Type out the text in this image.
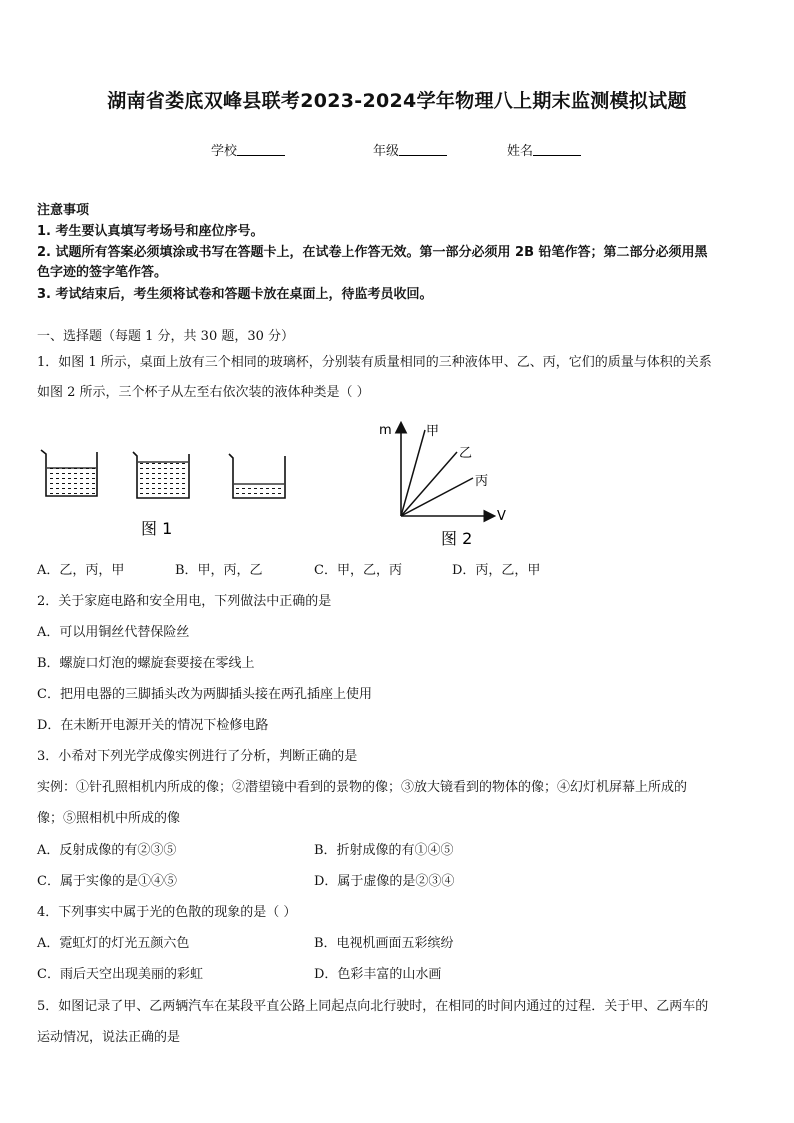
湖南省娄底双峰县联考2023-2024学年物理八上期末监测模拟试题
学校	年级	姓名
注意事项
1. 考生要认真填写考场号和座位序号。
2. 试题所有答案必须填涂或书写在答题卡上，在试卷上作答无效。第一部分必须用 2B 铅笔作答；第二部分必须用黑
色字迹的签字笔作答。
3. 考试结束后，考生须将试卷和答题卡放在桌面上，待监考员收回。
一、选择题（每题 1 分，共 30 题，30 分）
1．如图 1 所示，桌面上放有三个相同的玻璃杯，分别装有质量相同的三种液体甲、乙、丙，它们的质量与体积的关系
如图 2 所示，三个杯子从左至右依次装的液体种类是（ ）
图 1
m
V
甲
乙
丙
图 2
A．乙，丙，甲	B．甲，丙，乙	C．甲，乙，丙	D．丙，乙，甲
2．关于家庭电路和安全用电，下列做法中正确的是
A．可以用铜丝代替保险丝
B．螺旋口灯泡的螺旋套要接在零线上
C．把用电器的三脚插头改为两脚插头接在两孔插座上使用
D．在未断开电源开关的情况下检修电路
3．小希对下列光学成像实例进行了分析，判断正确的是
实例：①针孔照相机内所成的像；②潜望镜中看到的景物的像；③放大镜看到的物体的像；④幻灯机屏幕上所成的
像；⑤照相机中所成的像
A．反射成像的有②③⑤	B．折射成像的有①④⑤
C．属于实像的是①④⑤	D．属于虚像的是②③④
4．下列事实中属于光的色散的现象的是（ ）
A．霓虹灯的灯光五颜六色	B．电视机画面五彩缤纷
C．雨后天空出现美丽的彩虹	D．色彩丰富的山水画
5．如图记录了甲、乙两辆汽车在某段平直公路上同起点向北行驶时，在相同的时间内通过的过程．关于甲、乙两车的
运动情况，说法正确的是
